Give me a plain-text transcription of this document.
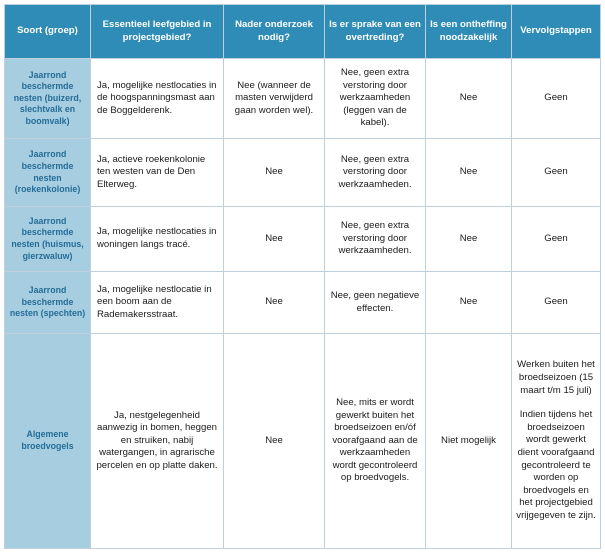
Soort (groep)	Essentieel leefgebied in projectgebied?	Nader onderzoek nodig?	Is er sprake van een overtreding?	Is een ontheffing noodzakelijk	Vervolgstappen
Jaarrond beschermde nesten (buizerd, slechtvalk en boomvalk)	Ja, mogelijke nestlocaties in de hoogspanningsmast aan de Boggelderenk.	Nee (wanneer de masten verwijderd gaan worden wel).	Nee, geen extra verstoring door werkzaamheden (leggen van de kabel).	Nee	Geen
Jaarrond beschermde nesten (roekenkolonie)	Ja, actieve roekenkolonie ten westen van de Den Elterweg.	Nee	Nee, geen extra verstoring door werkzaamheden.	Nee	Geen
Jaarrond beschermde nesten (huismus, gierzwaluw)	Ja, mogelijke nestlocaties in woningen langs tracé.	Nee	Nee, geen extra verstoring door werkzaamheden.	Nee	Geen
Jaarrond beschermde nesten (spechten)	Ja, mogelijke nestlocatie in een boom aan de Rademakersstraat.	Nee	Nee, geen negatieve effecten.	Nee	Geen
Algemene broedvogels	Ja, nestgelegenheid aanwezig in bomen, heggen en struiken, nabij watergangen, in agrarische percelen en op platte daken.	Nee	Nee, mits er wordt gewerkt buiten het broedseizoen en/óf voorafgaand aan de werkzaamheden wordt gecontroleerd op broedvogels.	Niet mogelijk	Werken buiten het broedseizoen (15 maart t/m 15 juli)
Indien tijdens het broedseizoen wordt gewerkt dient voorafgaand gecontroleerd te worden op broedvogels en het projectgebied vrijgegeven te zijn.
